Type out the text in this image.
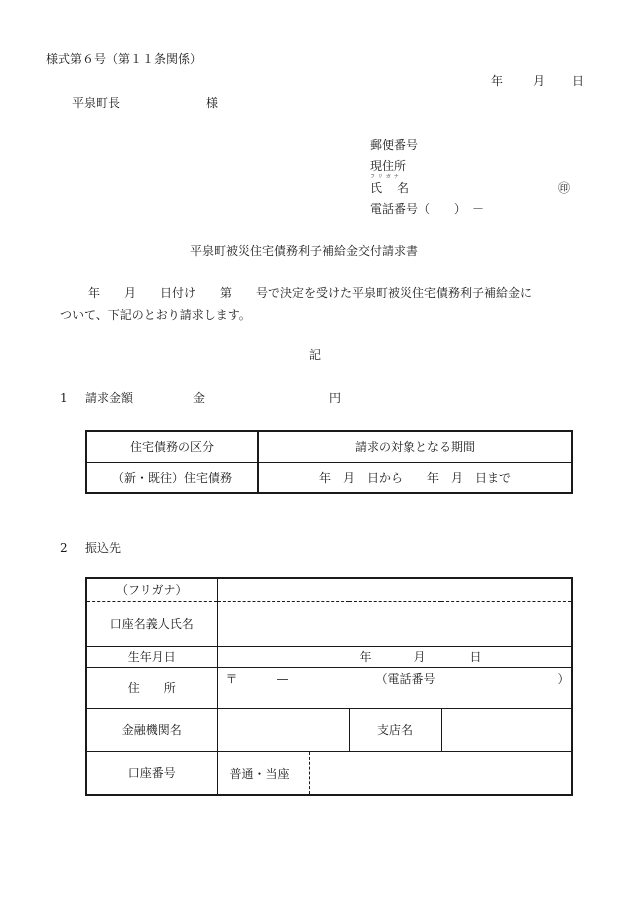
様式第６号（第１１条関係）
年 月 日
平泉町長	様
郵便番号
現住所
フリガナ
氏 名	㊞
電話番号（　　）　－
平泉町被災住宅債務利子補給金交付請求書
年　　月　　日付け　　第　　号で決定を受けた平泉町被災住宅債務利子補給金に
ついて、下記のとおり請求します。
記
1 請求金額	金	円
住宅債務の区分	請求の対象となる期間
（新・既往）住宅債務	年　月　日から　　年　月　日まで
2 振込先
（フリガナ）			
口座名義人氏名			
生年月日	年 月 日		

住　　所	〒 — （電話番号 ）		

金融機関名		支店名	
口座番号	普通・当座		
